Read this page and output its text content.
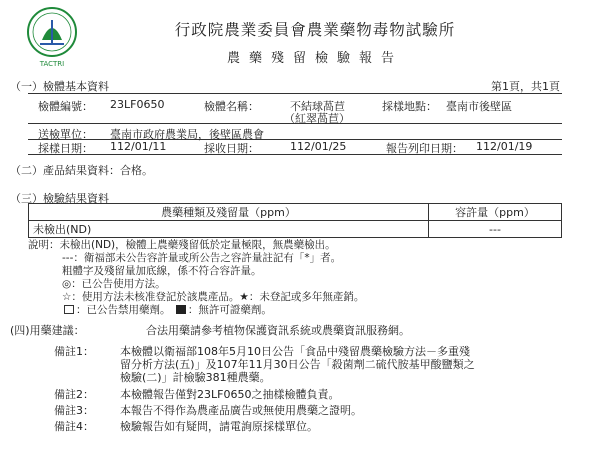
TACTRI
行政院農業委員會農業藥物毒物試驗所
農藥殘留檢驗報告
（一）檢體基本資料	第1頁，共1頁
檢體編號： 23LF0650	檢體名稱：	不結球萵苣
（紅翠萵苣）
採樣地點： 臺南市後壁區
送檢單位： 臺南市政府農業局，後壁區農會
採樣日期： 112/01/11	採收日期：	112/01/25	報告列印日期： 112/01/19
（二）產品結果資料：合格。
（三）檢驗結果資料
農藥種類及殘留量（ppm）	容許量（ppm）
未檢出(ND)	---
說明：未檢出(ND)，檢體上農藥殘留低於定量極限，無農藥檢出。
---：衛福部未公告容許量或所公告之容許量註記有「*」者。
粗體字及殘留量加底線，係不符合容許量。
◎：已公告使用方法。
☆：使用方法未核准登記於該農產品。★：未登記或多年無產銷。
：已公告禁用藥劑。 ：無許可證藥劑。
(四)用藥建議：	合法用藥請參考植物保護資訊系統或農藥資訊服務網。
備註1： 本檢體以衛福部108年5月10日公告「食品中殘留農藥檢驗方法－多重殘
留分析方法(五)」及107年11月30日公告「殺菌劑二硫代胺基甲酸鹽類之
檢驗(二)」計檢驗381種農藥。
備註2： 本檢體報告僅對23LF0650之抽樣檢體負責。
備註3： 本報告不得作為農產品廣告或無使用農藥之證明。
備註4： 檢驗報告如有疑問，請電詢原採樣單位。
